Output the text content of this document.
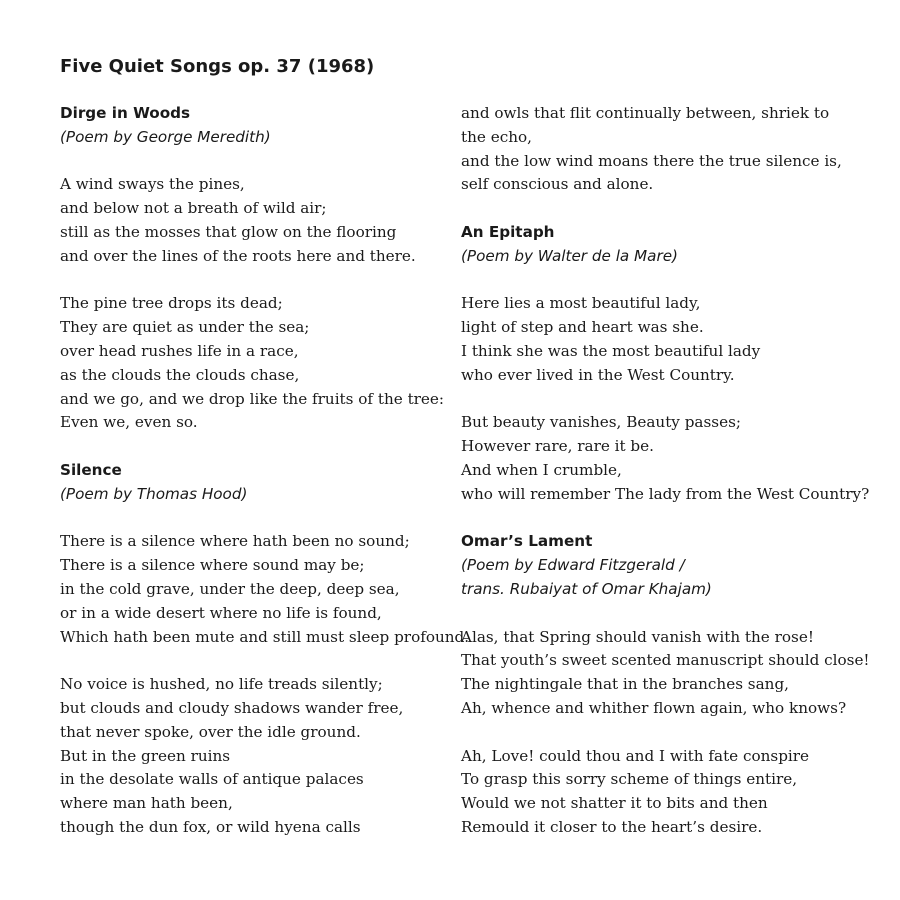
Five Quiet Songs op. 37 (1968)
Dirge in Woods
(Poem by George Meredith)
A wind sways the pines,
and below not a breath of wild air;
still as the mosses that glow on the flooring
and over the lines of the roots here and there.
The pine tree drops its dead;
They are quiet as under the sea;
over head rushes life in a race,
as the clouds the clouds chase,
and we go, and we drop like the fruits of the tree:
Even we, even so.
Silence
(Poem by Thomas Hood)
There is a silence where hath been no sound;
There is a silence where sound may be;
in the cold grave, under the deep, deep sea,
or in a wide desert where no life is found,
Which hath been mute and still must sleep profound.
No voice is hushed, no life treads silently;
but clouds and cloudy shadows wander free,
that never spoke, over the idle ground.
But in the green ruins
in the desolate walls of antique palaces
where man hath been,
though the dun fox, or wild hyena calls
and owls that flit continually between, shriek to
the echo,
and the low wind moans there the true silence is,
self conscious and alone.
An Epitaph
(Poem by Walter de la Mare)
Here lies a most beautiful lady,
light of step and heart was she.
I think she was the most beautiful lady
who ever lived in the West Country.
But beauty vanishes, Beauty passes;
However rare, rare it be.
And when I crumble,
who will remember The lady from the West Country?
Omar’s Lament
(Poem by Edward Fitzgerald /
trans. Rubaiyat of Omar Khajam)
Alas, that Spring should vanish with the rose!
That youth’s sweet scented manuscript should close!
The nightingale that in the branches sang,
Ah, whence and whither flown again, who knows?
Ah, Love! could thou and I with fate conspire
To grasp this sorry scheme of things entire,
Would we not shatter it to bits and then
Remould it closer to the heart’s desire.
